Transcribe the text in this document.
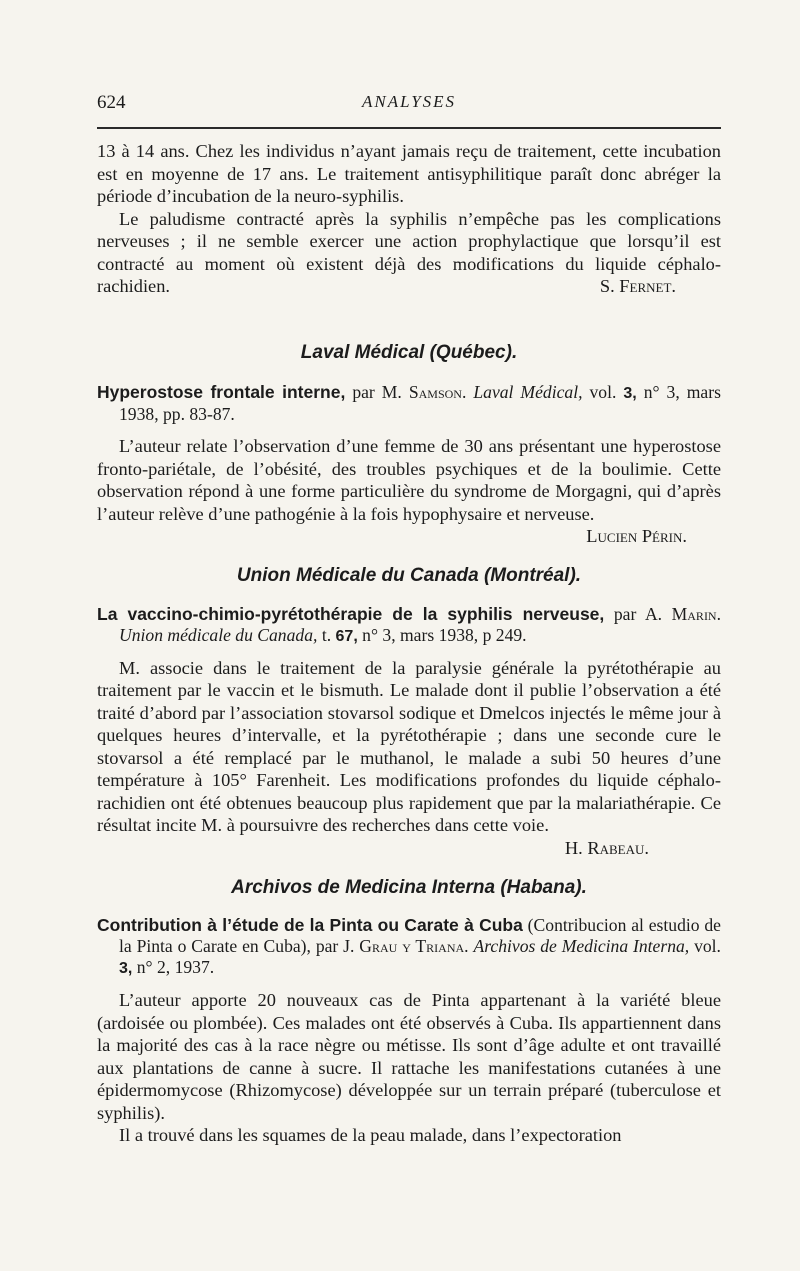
624	ANALYSES

13 à 14 ans. Chez les individus n’ayant jamais reçu de traitement, cette incubation est en moyenne de 17 ans. Le traitement antisyphilitique paraît donc abréger la période d’incubation de la neuro-syphilis.

Le paludisme contracté après la syphilis n’empêche pas les complications nerveuses ; il ne semble exercer une action prophylactique que lorsqu’il est contracté au moment où existent déjà des modifications du liquide céphalo-rachidien.	S. Fernet.

Laval Médical (Québec).

Hyperostose frontale interne, par M. Samson. Laval Médical, vol. 3, n° 3, mars 1938, pp. 83-87.

L’auteur relate l’observation d’une femme de 30 ans présentant une hyperostose fronto-pariétale, de l’obésité, des troubles psychiques et de la boulimie. Cette observation répond à une forme particulière du syndrome de Morgagni, qui d’après l’auteur relève d’une pathogénie à la fois hypophysaire et nerveuse.
Lucien Périn.

Union Médicale du Canada (Montréal).

La vaccino-chimio-pyrétothérapie de la syphilis nerveuse, par A. Marin. Union médicale du Canada, t. 67, n° 3, mars 1938, p 249.

M. associe dans le traitement de la paralysie générale la pyrétothérapie au traitement par le vaccin et le bismuth. Le malade dont il publie l’observation a été traité d’abord par l’association stovarsol sodique et Dmelcos injectés le même jour à quelques heures d’intervalle, et la pyrétothérapie ; dans une seconde cure le stovarsol a été remplacé par le muthanol, le malade a subi 50 heures d’une température à 105° Farenheit. Les modifications profondes du liquide céphalo-rachidien ont été obtenues beaucoup plus rapidement que par la malariathérapie. Ce résultat incite M. à poursuivre des recherches dans cette voie.
H. Rabeau.

Archivos de Medicina Interna (Habana).

Contribution à l’étude de la Pinta ou Carate à Cuba (Contribucion al estudio de la Pinta o Carate en Cuba), par J. Grau y Triana. Archivos de Medicina Interna, vol. 3, n° 2, 1937.

L’auteur apporte 20 nouveaux cas de Pinta appartenant à la variété bleue (ardoisée ou plombée). Ces malades ont été observés à Cuba. Ils appartiennent dans la majorité des cas à la race nègre ou métisse. Ils sont d’âge adulte et ont travaillé aux plantations de canne à sucre. Il rattache les manifestations cutanées à une épidermomycose (Rhizomycose) développée sur un terrain préparé (tuberculose et syphilis).

Il a trouvé dans les squames de la peau malade, dans l’expectoration
